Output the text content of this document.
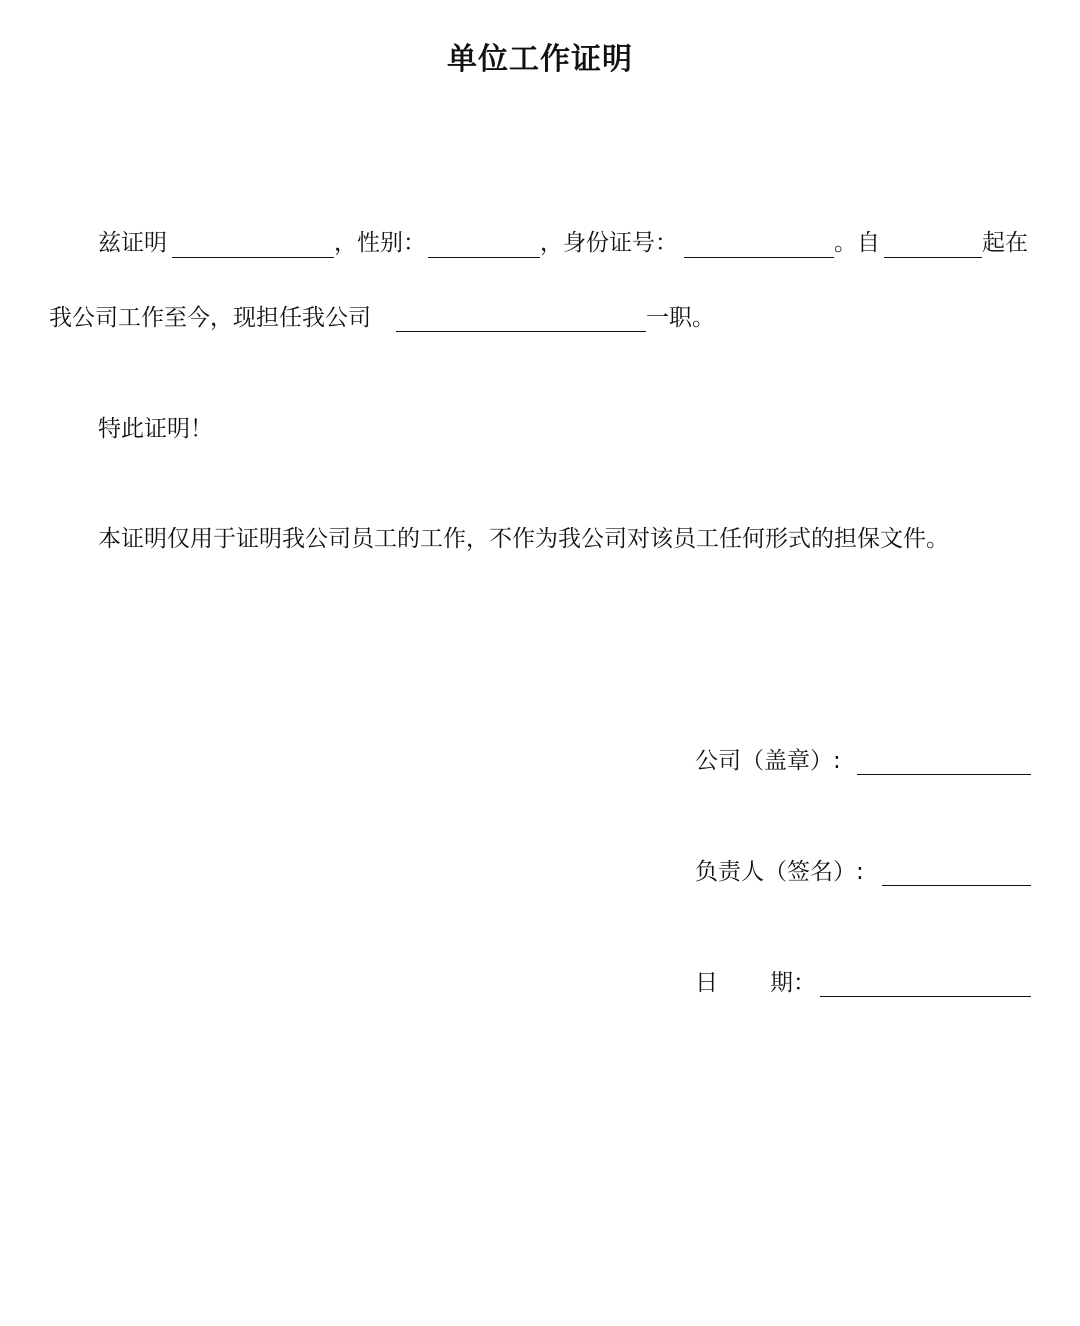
单位工作证明
兹证明	，性别：	，身份证号：	。自	起在
我公司工作至今，现担任我公司	一职。
特此证明！
本证明仅用于证明我公司员工的工作，不作为我公司对该员工任何形式的担保文件。
公司（盖章）:
负责人（签名）:
日 期：
